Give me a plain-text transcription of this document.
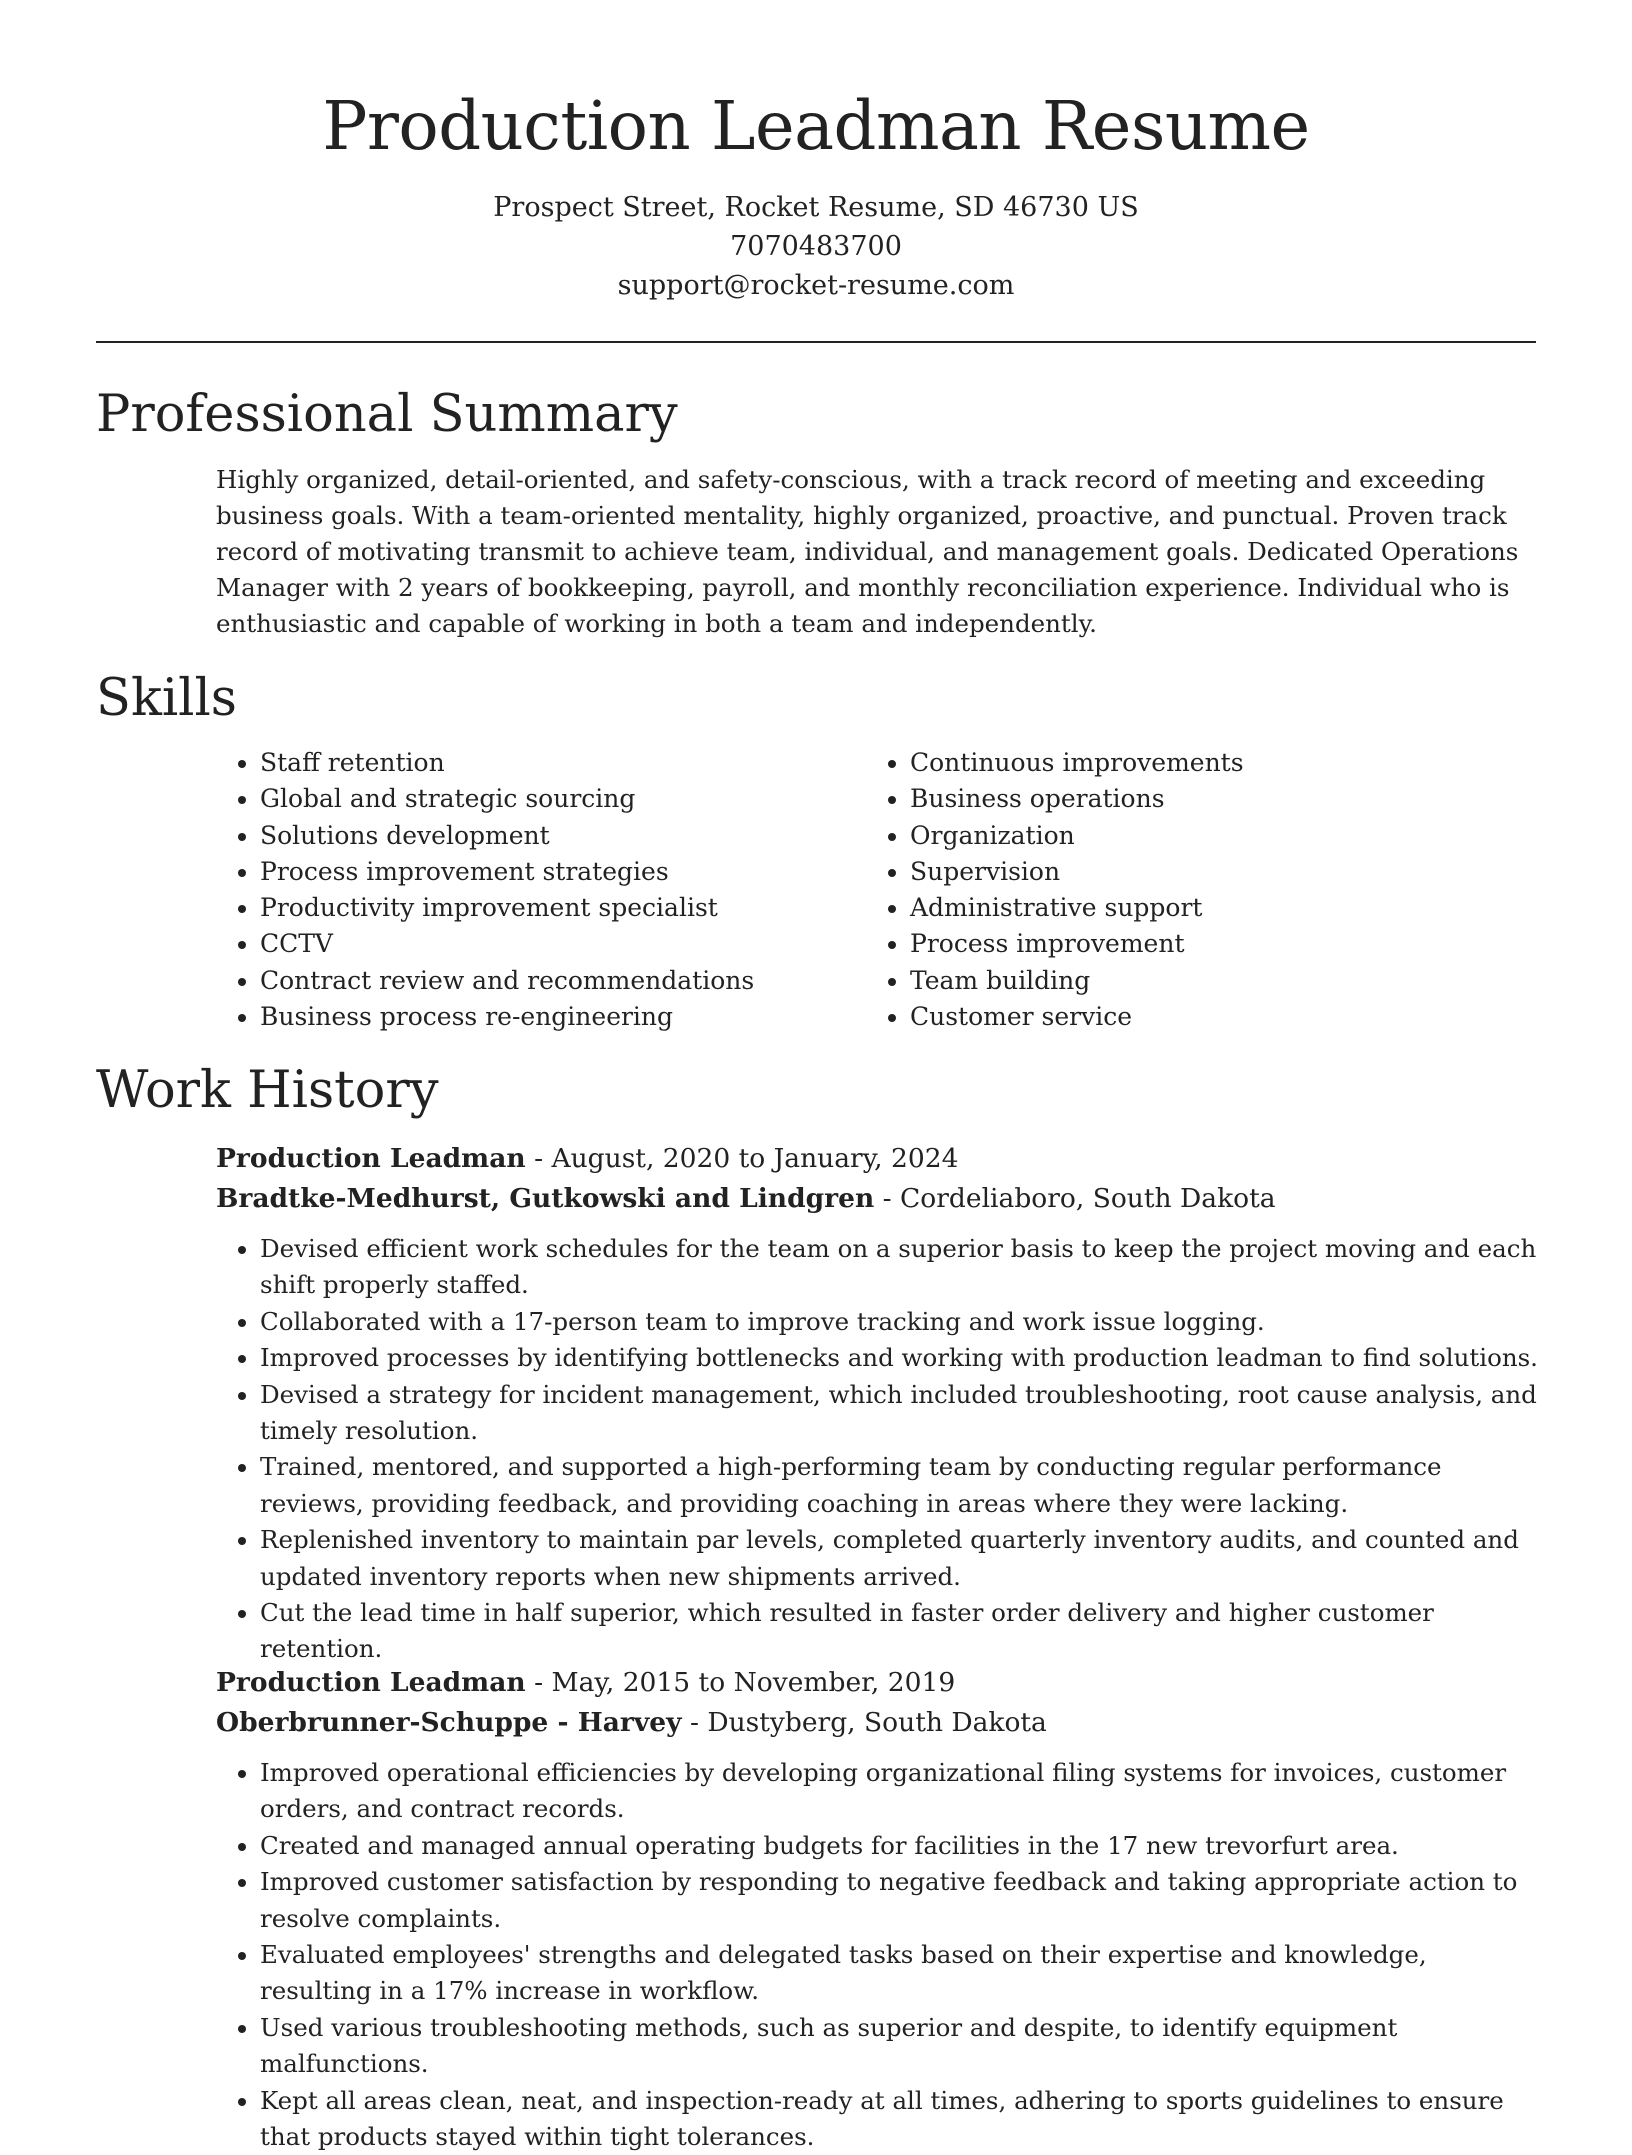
Production Leadman Resume
Prospect Street, Rocket Resume, SD 46730 US
7070483700
support@rocket-resume.com
Professional Summary

Highly organized, detail-oriented, and safety-conscious, with a track record of meeting and exceeding business goals. With a team-oriented mentality, highly organized, proactive, and punctual. Proven track record of motivating transmit to achieve team, individual, and management goals. Dedicated Operations Manager with 2 years of bookkeeping, payroll, and monthly reconciliation experience. Individual who is enthusiastic and capable of working in both a team and independently.

Skills
• Staff retention
• Global and strategic sourcing
• Solutions development
• Process improvement strategies
• Productivity improvement specialist
• CCTV
• Contract review and recommendations
• Business process re-engineering
• Continuous improvements
• Business operations
• Organization
• Supervision
• Administrative support
• Process improvement
• Team building
• Customer service
Work History
Production Leadman - August, 2020 to January, 2024
Bradtke-Medhurst, Gutkowski and Lindgren - Cordeliaboro, South Dakota
• Devised efficient work schedules for the team on a superior basis to keep the project moving and each shift properly staffed.
• Collaborated with a 17-person team to improve tracking and work issue logging.
• Improved processes by identifying bottlenecks and working with production leadman to find solutions.
• Devised a strategy for incident management, which included troubleshooting, root cause analysis, and timely resolution.
• Trained, mentored, and supported a high-performing team by conducting regular performance reviews, providing feedback, and providing coaching in areas where they were lacking.
• Replenished inventory to maintain par levels, completed quarterly inventory audits, and counted and updated inventory reports when new shipments arrived.
• Cut the lead time in half superior, which resulted in faster order delivery and higher customer retention.
Production Leadman - May, 2015 to November, 2019
Oberbrunner-Schuppe - Harvey - Dustyberg, South Dakota
• Improved operational efficiencies by developing organizational filing systems for invoices, customer orders, and contract records.
• Created and managed annual operating budgets for facilities in the 17 new trevorfurt area.
• Improved customer satisfaction by responding to negative feedback and taking appropriate action to resolve complaints.
• Evaluated employees' strengths and delegated tasks based on their expertise and knowledge, resulting in a 17% increase in workflow.
• Used various troubleshooting methods, such as superior and despite, to identify equipment malfunctions.
• Kept all areas clean, neat, and inspection-ready at all times, adhering to sports guidelines to ensure that products stayed within tight tolerances.
